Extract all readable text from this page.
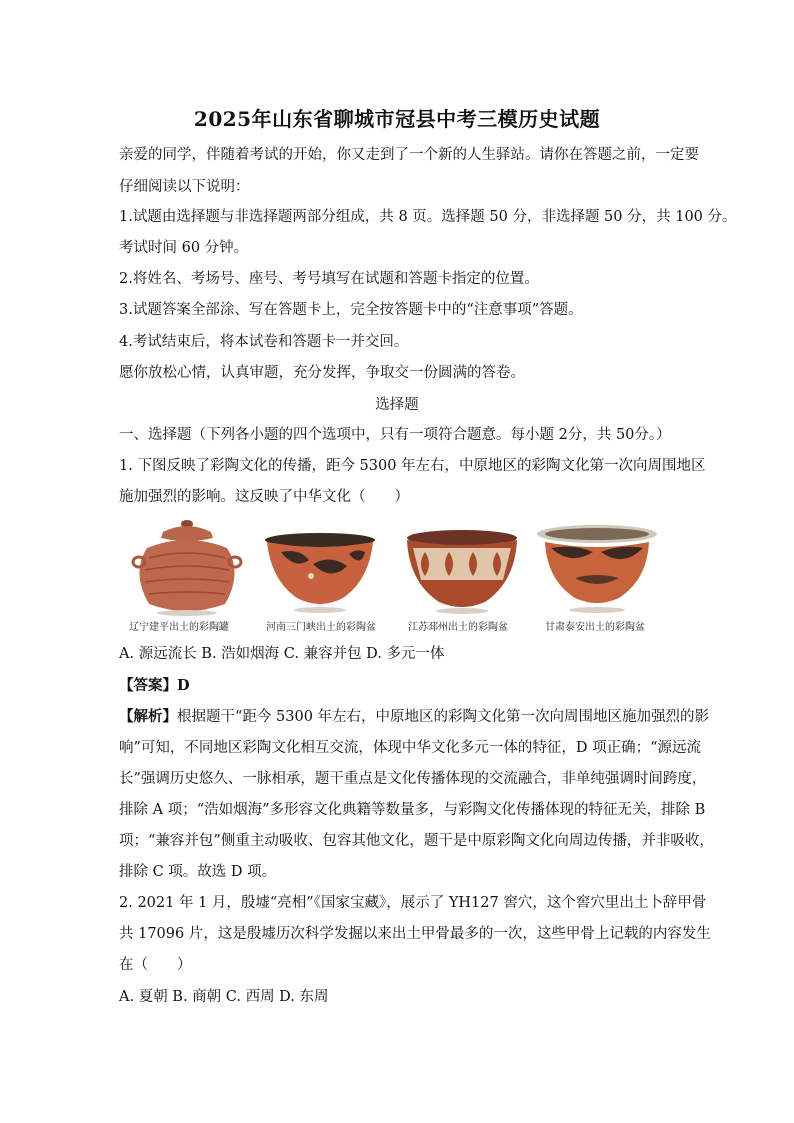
2025年山东省聊城市冠县中考三模历史试题
亲爱的同学，伴随着考试的开始，你又走到了一个新的人生驿站。请你在答题之前，一定要
仔细阅读以下说明：
1.试题由选择题与非选择题两部分组成，共 8 页。选择题 50 分，非选择题 50 分，共 100 分。
考试时间 60 分钟。
2.将姓名、考场号、座号、考号填写在试题和答题卡指定的位置。
3.试题答案全部涂、写在答题卡上，完全按答题卡中的“注意事项”答题。
4.考试结束后，将本试卷和答题卡一并交回。
愿你放松心情，认真审题，充分发挥，争取交一份圆满的答卷。
选择题
一、选择题（下列各小题的四个选项中，只有一项符合题意。每小题 2分，共 50分。）
1. 下图反映了彩陶文化的传播，距今 5300 年左右，中原地区的彩陶文化第一次向周围地区
施加强烈的影响。这反映了中华文化（　　）
辽宁建平出土的彩陶罐	河南三门峡出土的彩陶盆	江苏邳州出土的彩陶盆	甘肃泰安出土的彩陶盆
A. 源远流长 B. 浩如烟海 C. 兼容并包 D. 多元一体
【答案】D
【解析】根据题干“距今 5300 年左右，中原地区的彩陶文化第一次向周围地区施加强烈的影
响”可知，不同地区彩陶文化相互交流，体现中华文化多元一体的特征，D 项正确；“源远流
长”强调历史悠久、一脉相承，题干重点是文化传播体现的交流融合，非单纯强调时间跨度，
排除 A 项；“浩如烟海”多形容文化典籍等数量多，与彩陶文化传播体现的特征无关，排除 B
项；“兼容并包”侧重主动吸收、包容其他文化，题干是中原彩陶文化向周边传播，并非吸收，
排除 C 项。故选 D 项。
2. 2021 年 1 月，殷墟“亮相”《国家宝藏》，展示了 YH127 窖穴，这个窖穴里出土卜辞甲骨
共 17096 片，这是殷墟历次科学发掘以来出土甲骨最多的一次，这些甲骨上记载的内容发生
在（　　）
A. 夏朝 B. 商朝 C. 西周 D. 东周
